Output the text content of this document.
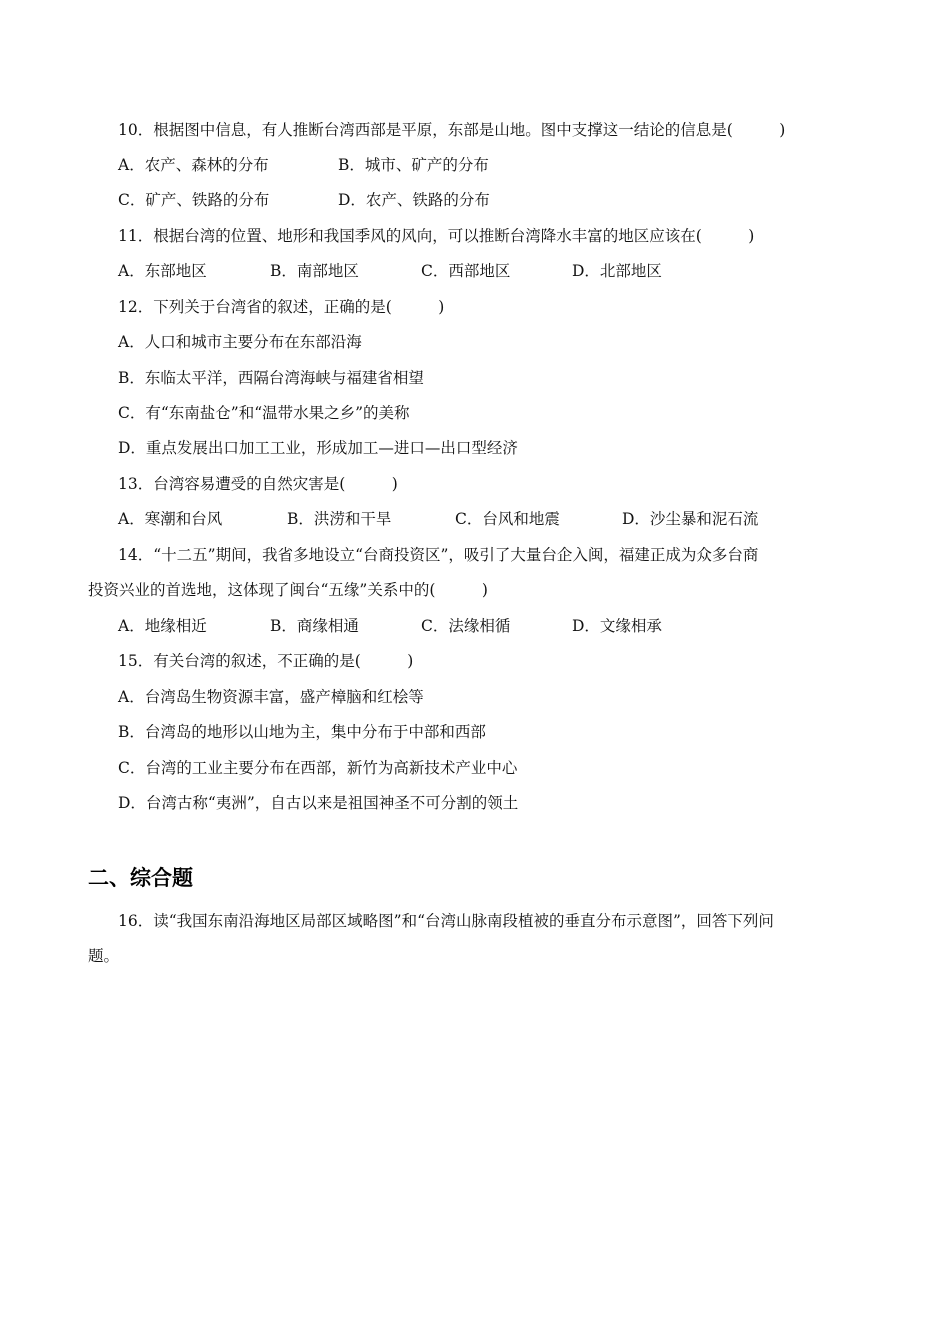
10．根据图中信息，有人推断台湾西部是平原，东部是山地。图中支撑这一结论的信息是(　　　)
A．农产、森林的分布	B．城市、矿产的分布
C．矿产、铁路的分布	D．农产、铁路的分布
11．根据台湾的位置、地形和我国季风的风向，可以推断台湾降水丰富的地区应该在(　　　)
A．东部地区	B．南部地区	C．西部地区	D．北部地区
12．下列关于台湾省的叙述，正确的是(　　　)
A．人口和城市主要分布在东部沿海
B．东临太平洋，西隔台湾海峡与福建省相望
C．有“东南盐仓”和“温带水果之乡”的美称
D．重点发展出口加工工业，形成加工—进口—出口型经济
13．台湾容易遭受的自然灾害是(　　　)
A．寒潮和台风	B．洪涝和干旱	C．台风和地震	D．沙尘暴和泥石流
14．“十二五”期间，我省多地设立“台商投资区”，吸引了大量台企入闽，福建正成为众多台商
投资兴业的首选地，这体现了闽台“五缘”关系中的(　　　)
A．地缘相近	B．商缘相通	C．法缘相循	D．文缘相承
15．有关台湾的叙述，不正确的是(　　　)
A．台湾岛生物资源丰富，盛产樟脑和红桧等
B．台湾岛的地形以山地为主，集中分布于中部和西部
C．台湾的工业主要分布在西部，新竹为高新技术产业中心
D．台湾古称“夷洲”，自古以来是祖国神圣不可分割的领土
二、综合题
16．读“我国东南沿海地区局部区域略图”和“台湾山脉南段植被的垂直分布示意图”，回答下列问
题。
